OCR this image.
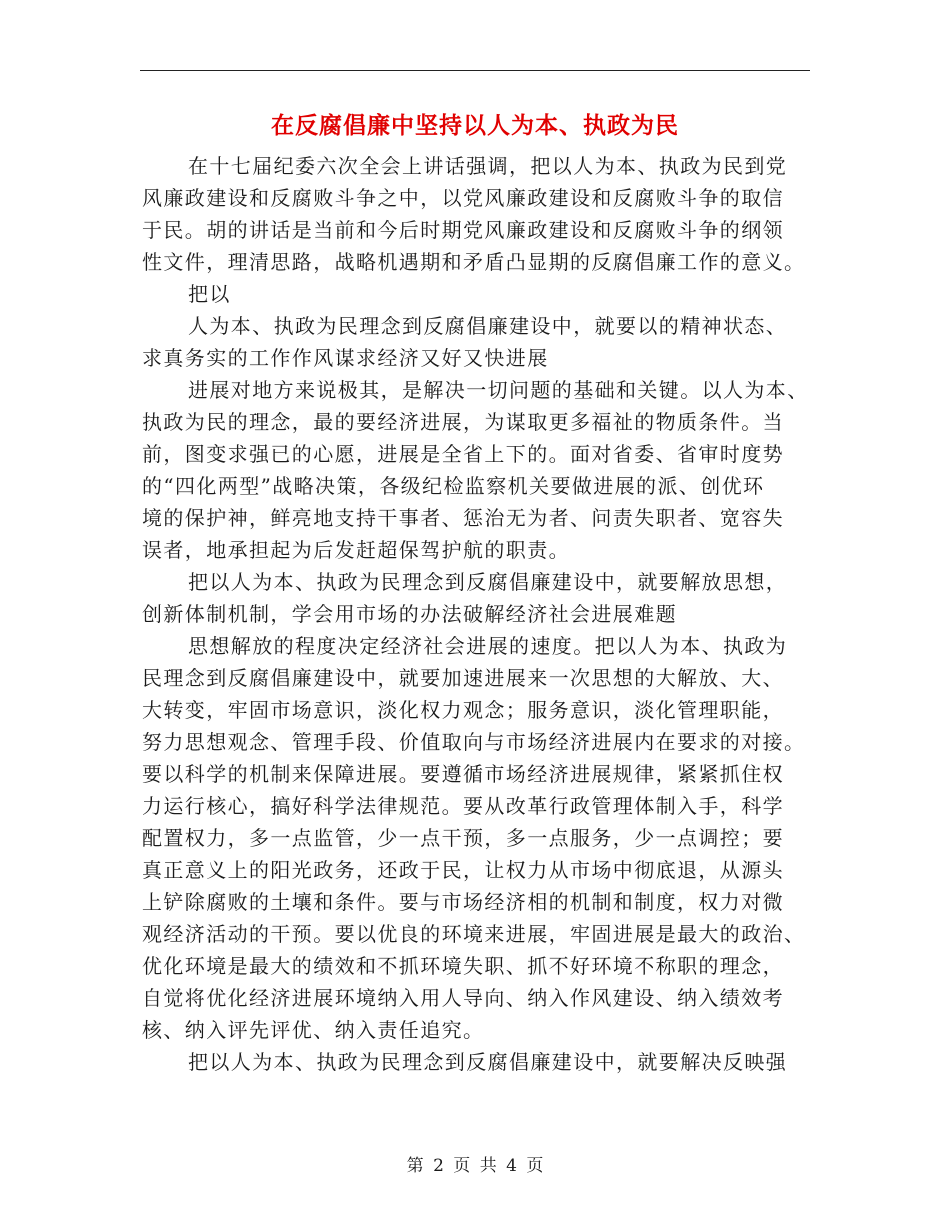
在反腐倡廉中坚持以人为本、执政为民
在十七届纪委六次全会上讲话强调，把以人为本、执政为民到党
风廉政建设和反腐败斗争之中，以党风廉政建设和反腐败斗争的取信
于民。胡的讲话是当前和今后时期党风廉政建设和反腐败斗争的纲领
性文件，理清思路，战略机遇期和矛盾凸显期的反腐倡廉工作的意义。
把以
人为本、执政为民理念到反腐倡廉建设中，就要以的精神状态、
求真务实的工作作风谋求经济又好又快进展
进展对地方来说极其，是解决一切问题的基础和关键。以人为本、
执政为民的理念，最的要经济进展，为谋取更多福祉的物质条件。当
前，图变求强已的心愿，进展是全省上下的。面对省委、省审时度势
的“四化两型”战略决策，各级纪检监察机关要做进展的派、创优环
境的保护神，鲜亮地支持干事者、惩治无为者、问责失职者、宽容失
误者，地承担起为后发赶超保驾护航的职责。
把以人为本、执政为民理念到反腐倡廉建设中，就要解放思想，
创新体制机制，学会用市场的办法破解经济社会进展难题
思想解放的程度决定经济社会进展的速度。把以人为本、执政为
民理念到反腐倡廉建设中，就要加速进展来一次思想的大解放、大、
大转变，牢固市场意识，淡化权力观念；服务意识，淡化管理职能，
努力思想观念、管理手段、价值取向与市场经济进展内在要求的对接。
要以科学的机制来保障进展。要遵循市场经济进展规律，紧紧抓住权
力运行核心，搞好科学法律规范。要从改革行政管理体制入手，科学
配置权力，多一点监管，少一点干预，多一点服务，少一点调控；要
真正意义上的阳光政务，还政于民，让权力从市场中彻底退，从源头
上铲除腐败的土壤和条件。要与市场经济相的机制和制度，权力对微
观经济活动的干预。要以优良的环境来进展，牢固进展是最大的政治、
优化环境是最大的绩效和不抓环境失职、抓不好环境不称职的理念，
自觉将优化经济进展环境纳入用人导向、纳入作风建设、纳入绩效考
核、纳入评先评优、纳入责任追究。
把以人为本、执政为民理念到反腐倡廉建设中，就要解决反映强
第 2 页 共 4 页
